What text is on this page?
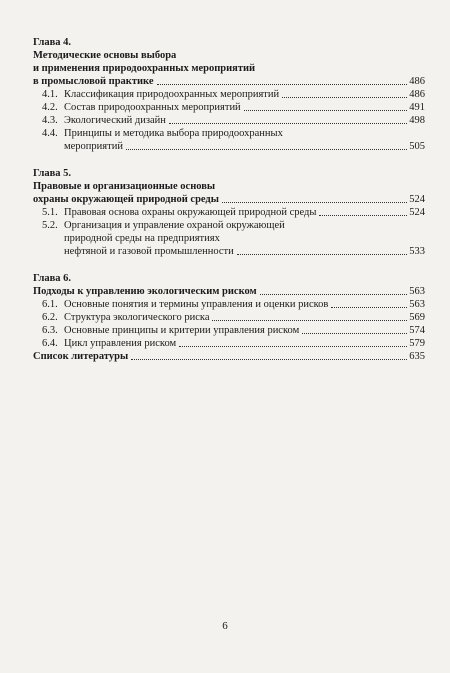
Глава 4.
Методические основы выбора
и применения природоохранных мероприятий
в промысловой практике	486
4.1. Классификация природоохранных мероприятий	486
4.2. Состав природоохранных мероприятий	491
4.3. Экологический дизайн	498
4.4. Принципы и методика выбора природоохранных
мероприятий	505
Глава 5.
Правовые и организационные основы
охраны окружающей природной среды	524
5.1. Правовая основа охраны окружающей природной среды	524
5.2. Организация и управление охраной окружающей
природной среды на предприятиях
нефтяной и газовой промышленности	533
Глава 6.
Подходы к управлению экологическим риском	563
6.1. Основные понятия и термины управления и оценки рисков	563
6.2. Структура экологического риска	569
6.3. Основные принципы и критерии управления риском	574
6.4. Цикл управления риском	579
Список литературы	635
6
